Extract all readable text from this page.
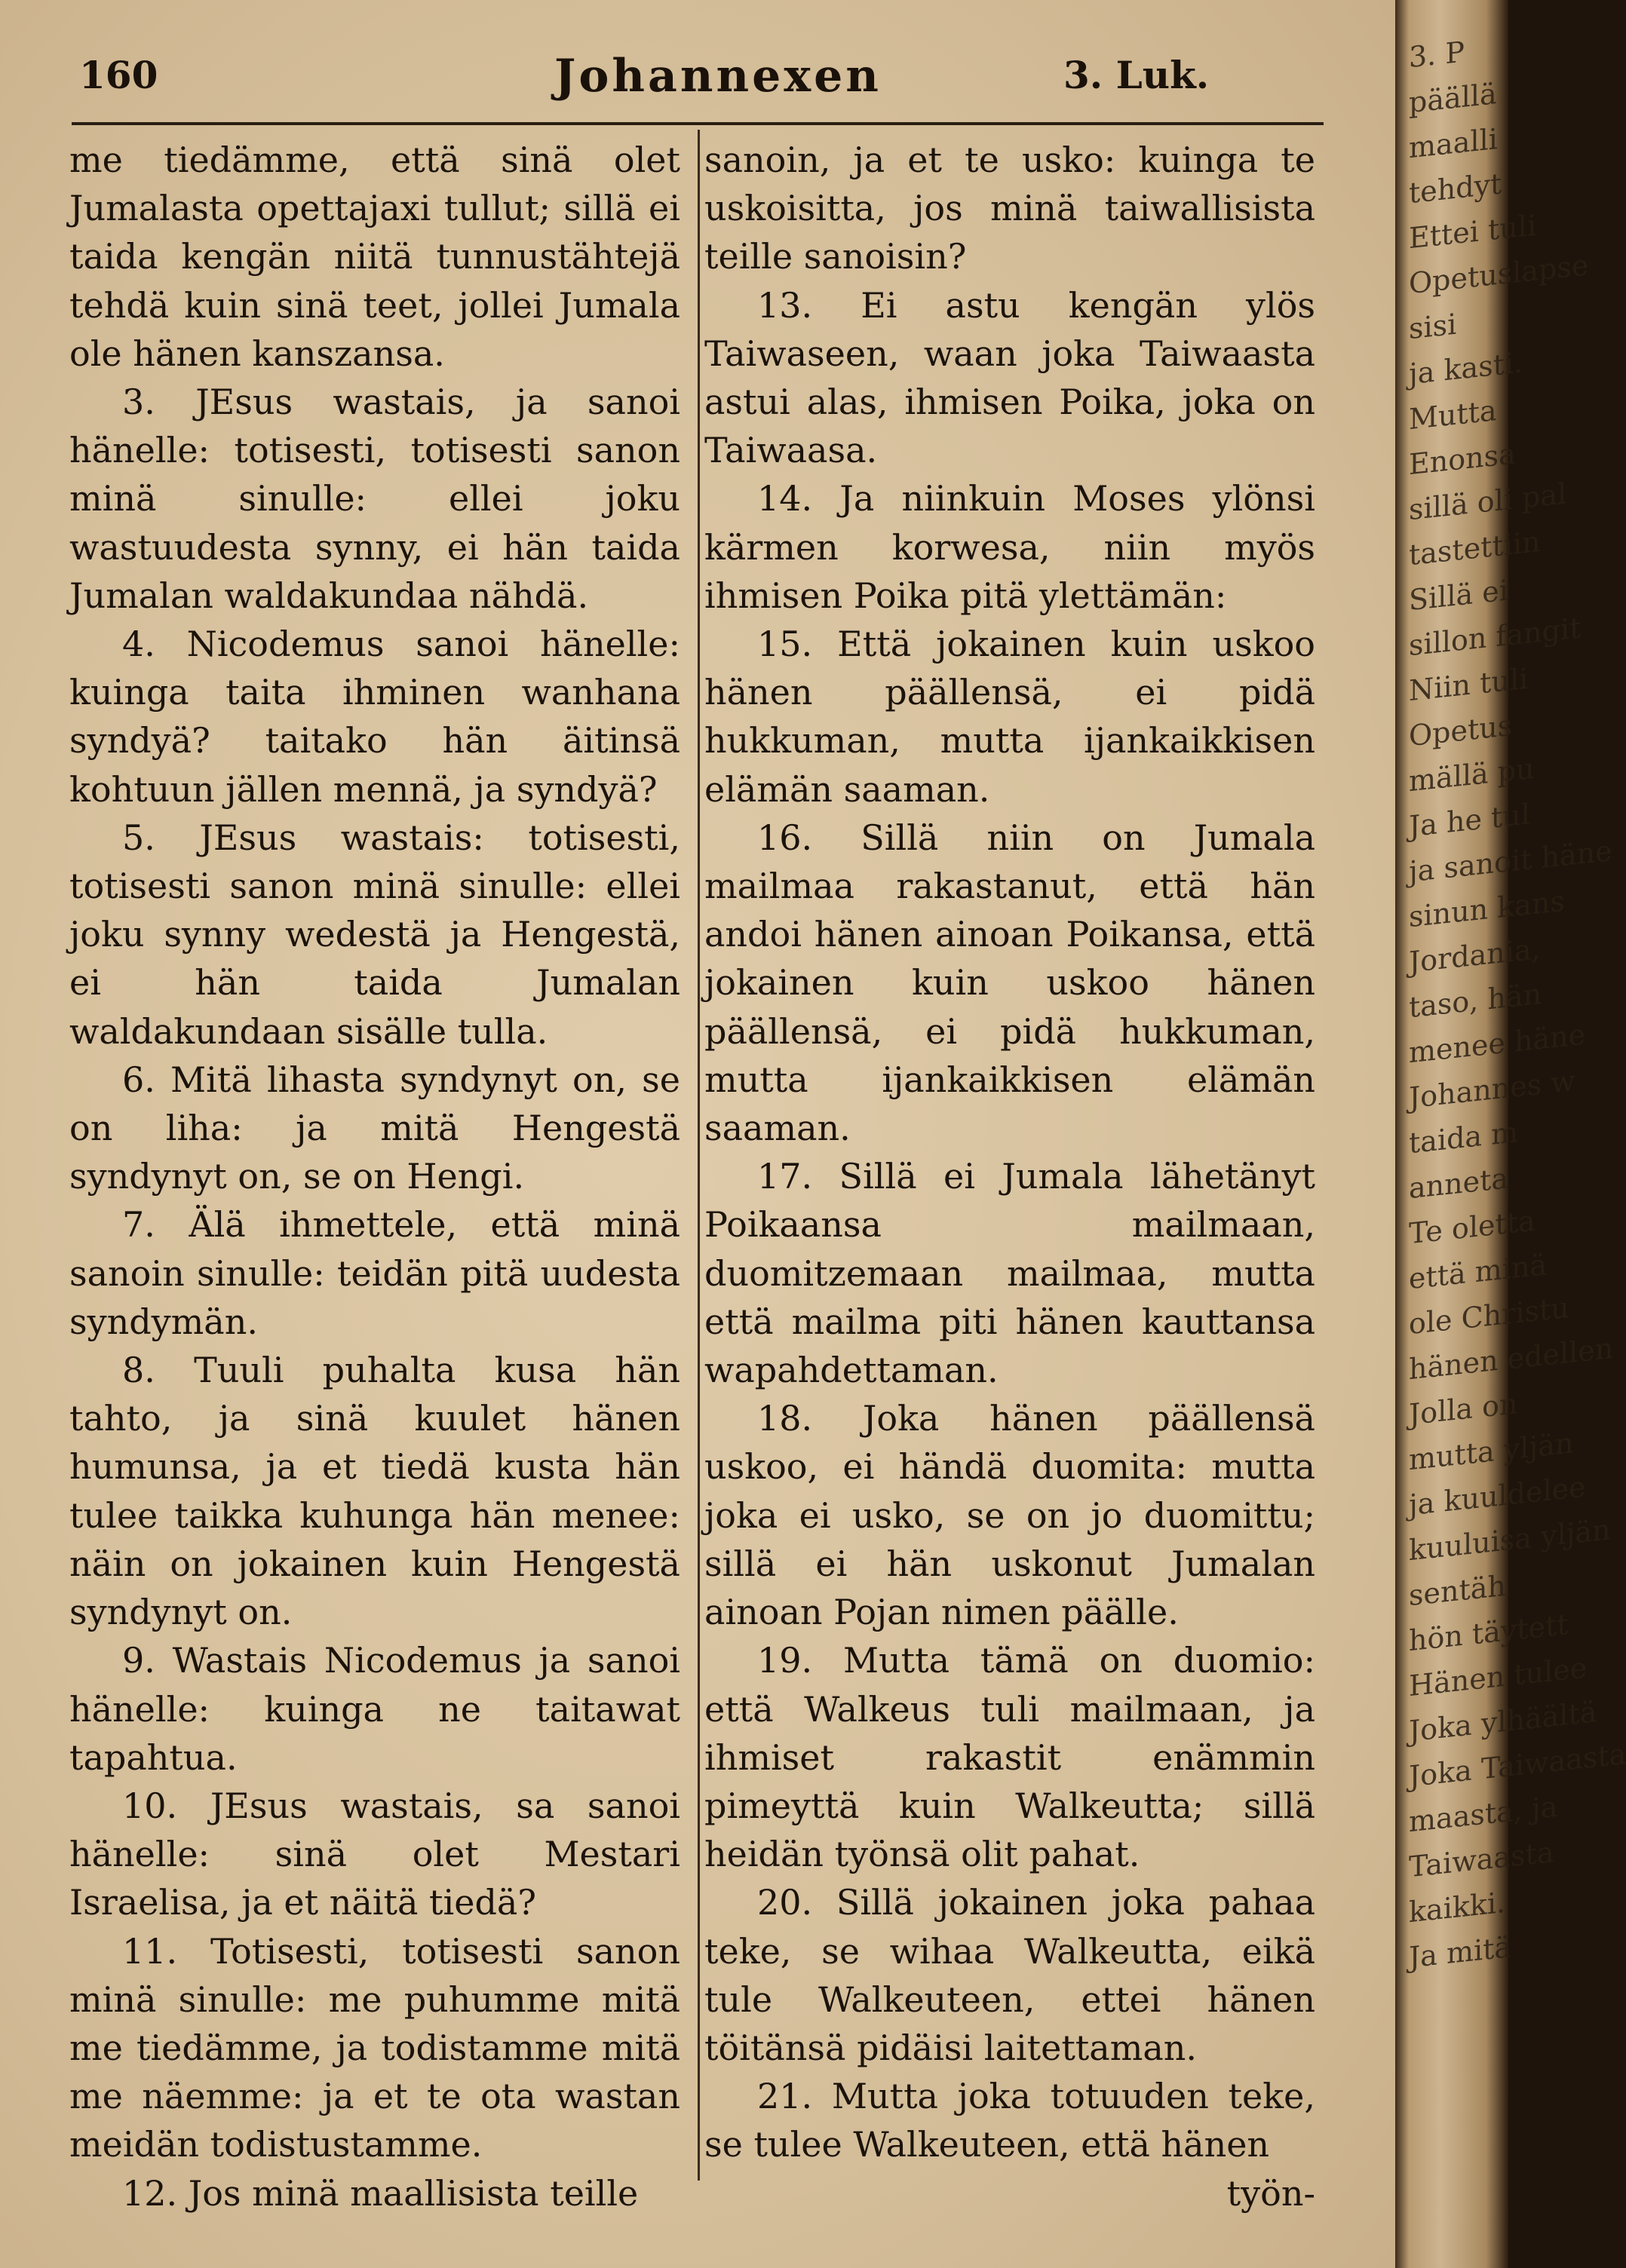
160	Johannexen	3. Luk.

me tiedämme, että sinä olet Jumalasta opettajaxi tullut; sillä ei taida kengän niitä tunnustähtejä tehdä kuin sinä teet, jollei Jumala ole hänen kanszansa.

3. JEsus wastais, ja sanoi hänelle: totisesti, totisesti sanon minä sinulle: ellei joku wastuudesta synny, ei hän taida Jumalan waldakundaa nähdä.

4. Nicodemus sanoi hänelle: kuinga taita ihminen wanhana syndyä? taitako hän äitinsä kohtuun jällen mennä, ja syndyä?

5. JEsus wastais: totisesti, totisesti sanon minä sinulle: ellei joku synny wedestä ja Hengestä, ei hän taida Jumalan waldakundaan sisälle tulla.

6. Mitä lihasta syndynyt on, se on liha: ja mitä Hengestä syndynyt on, se on Hengi.

7. Älä ihmettele, että minä sanoin sinulle: teidän pitä uudesta syndymän.

8. Tuuli puhalta kusa hän tahto, ja sinä kuulet hänen humunsa, ja et tiedä kusta hän tulee taikka kuhunga hän menee: näin on jokainen kuin Hengestä syndynyt on.

9. Wastais Nicodemus ja sanoi hänelle: kuinga ne taitawat tapahtua.

10. JEsus wastais, sa sanoi hänelle: sinä olet Mestari Israelisa, ja et näitä tiedä?

11. Totisesti, totisesti sanon minä sinulle: me puhumme mitä me tiedämme, ja todistamme mitä me näemme: ja et te ota wastan meidän todistustamme.

12. Jos minä maallisista teille

sanoin, ja et te usko: kuinga te uskoisitta, jos minä taiwallisista teille sanoisin?

13. Ei astu kengän ylös Taiwaseen, waan joka Taiwaasta astui alas, ihmisen Poika, joka on Taiwaasa.

14. Ja niinkuin Moses ylönsi kärmen korwesa, niin myös ihmisen Poika pitä ylettämän:

15. Että jokainen kuin uskoo hänen päällensä, ei pidä hukkuman, mutta ijankaikkisen elämän saaman.

16. Sillä niin on Jumala mailmaa rakastanut, että hän andoi hänen ainoan Poikansa, että jokainen kuin uskoo hänen päällensä, ei pidä hukkuman, mutta ijankaikkisen elämän saaman.

17. Sillä ei Jumala lähetänyt Poikaansa mailmaan, duomitzemaan mailmaa, mutta että mailma piti hänen kauttansa wapahdettaman.

18. Joka hänen päällensä uskoo, ei händä duomita: mutta joka ei usko, se on jo duomittu; sillä ei hän uskonut Jumalan ainoan Pojan nimen päälle.

19. Mutta tämä on duomio: että Walkeus tuli mailmaan, ja ihmiset rakastit enämmin pimeyttä kuin Walkeutta; sillä heidän työnsä olit pahat.

20. Sillä jokainen joka pahaa teke, se wihaa Walkeutta, eikä tule Walkeuteen, ettei hänen töitänsä pidäisi laitettaman.

21. Mutta joka totuuden teke, se tulee Walkeuteen, että hänen

työn-

3. P
päällä
maalli
tehdyt
Ettei tuli
Opetuslapse
sisi
ja kasti.
Mutta
Enonsa
sillä oli pal
tastettiin
Sillä ei
sillon fangit
Niin tuli
Opetus
mällä pu
Ja he tul
ja sanoit häne
sinun kans
Jordania,
taso, hän
menee häne
Johannes w
taida m
anneta
Te oletta
että minä
ole Christu
hänen edellen
Jolla on
mutta yljän
ja kuuldelee
kuuluisa yljän
sentäh
hön täytett
Hänen tulee
Joka ylhäältä
Joka Taiwaasta
maasta, ja
Taiwaasta
kaikki.
Ja mitä
